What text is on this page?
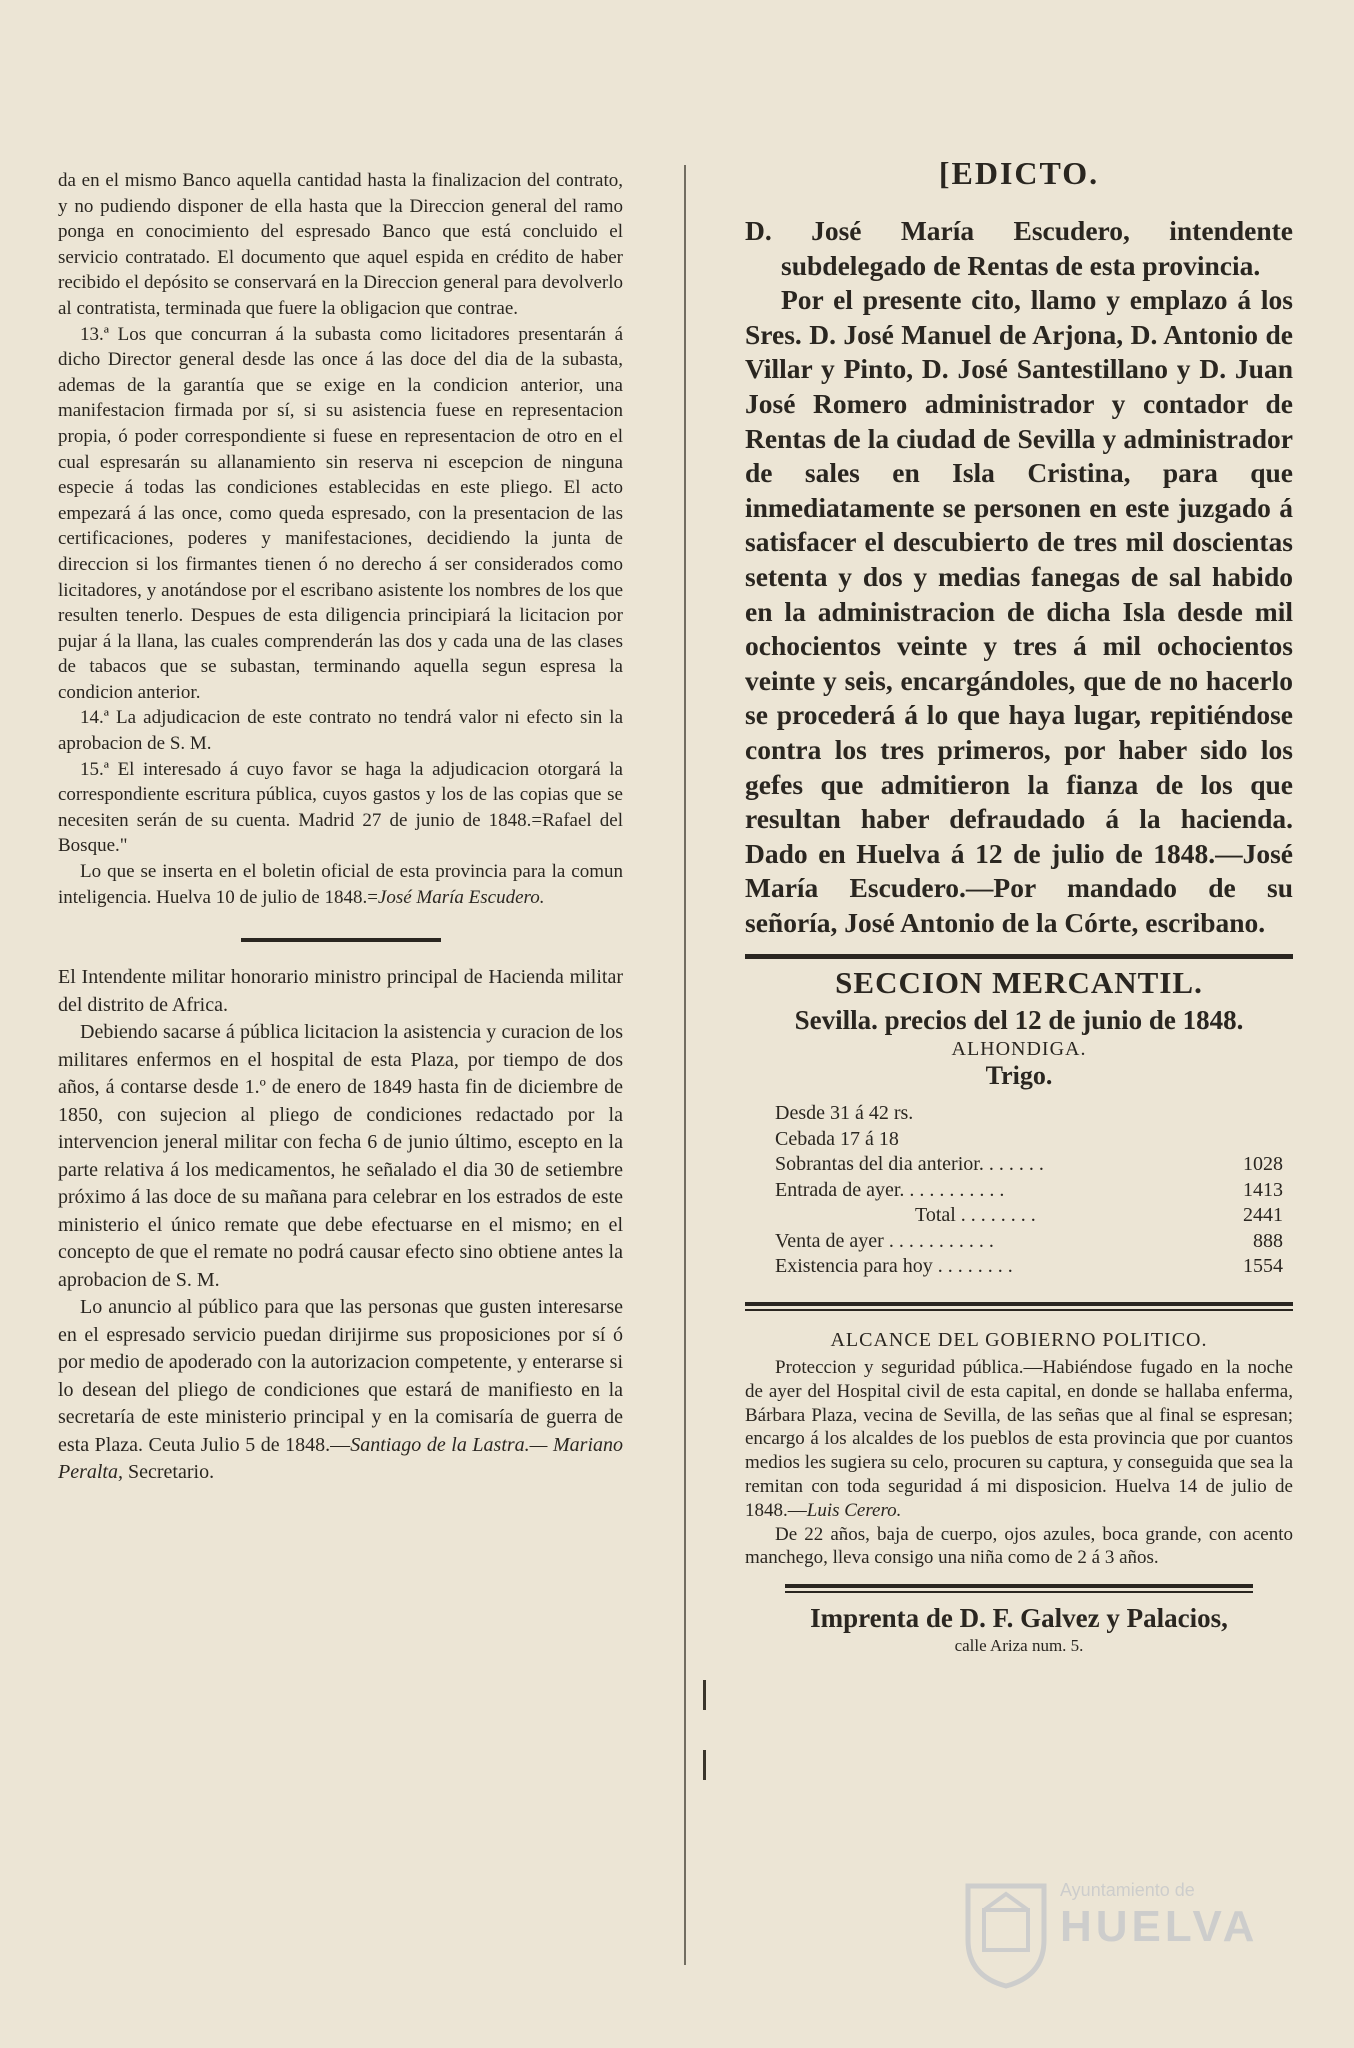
da en el mismo Banco aquella cantidad hasta la finalizacion del contrato, y no pudiendo disponer de ella hasta que la Direccion general del ramo ponga en conocimiento del espresado Banco que está concluido el servicio contratado. El documento que aquel espida en crédito de haber recibido el depósito se conservará en la Direccion general para devolverlo al contratista, terminada que fuere la obligacion que contrae.

13.ª Los que concurran á la subasta como licitadores presentarán á dicho Director general desde las once á las doce del dia de la subasta, ademas de la garantía que se exige en la condicion anterior, una manifestacion firmada por sí, si su asistencia fuese en representacion propia, ó poder correspondiente si fuese en representacion de otro en el cual espresarán su allanamiento sin reserva ni escepcion de ninguna especie á todas las condiciones establecidas en este pliego. El acto empezará á las once, como queda espresado, con la presentacion de las certificaciones, poderes y manifestaciones, decidiendo la junta de direccion si los firmantes tienen ó no derecho á ser considerados como licitadores, y anotándose por el escribano asistente los nombres de los que resulten tenerlo. Despues de esta diligencia principiará la licitacion por pujar á la llana, las cuales comprenderán las dos y cada una de las clases de tabacos que se subastan, terminando aquella segun espresa la condicion anterior.

14.ª La adjudicacion de este contrato no tendrá valor ni efecto sin la aprobacion de S. M.

15.ª El interesado á cuyo favor se haga la adjudicacion otorgará la correspondiente escritura pública, cuyos gastos y los de las copias que se necesiten serán de su cuenta. Madrid 27 de junio de 1848.=Rafael del Bosque."

Lo que se inserta en el boletin oficial de esta provincia para la comun inteligencia. Huelva 10 de julio de 1848.=José María Escudero.

El Intendente militar honorario ministro principal de Hacienda militar del distrito de Africa.

Debiendo sacarse á pública licitacion la asistencia y curacion de los militares enfermos en el hospital de esta Plaza, por tiempo de dos años, á contarse desde 1.º de enero de 1849 hasta fin de diciembre de 1850, con sujecion al pliego de condiciones redactado por la intervencion jeneral militar con fecha 6 de junio último, escepto en la parte relativa á los medicamentos, he señalado el dia 30 de setiembre próximo á las doce de su mañana para celebrar en los estrados de este ministerio el único remate que debe efectuarse en el mismo; en el concepto de que el remate no podrá causar efecto sino obtiene antes la aprobacion de S. M.

Lo anuncio al público para que las personas que gusten interesarse en el espresado servicio puedan dirijirme sus proposiciones por sí ó por medio de apoderado con la autorizacion competente, y enterarse si lo desean del pliego de condiciones que estará de manifiesto en la secretaría de este ministerio principal y en la comisaría de guerra de esta Plaza. Ceuta Julio 5 de 1848.—Santiago de la Lastra.— Mariano Peralta, Secretario.

[EDICTO.

D. José María Escudero, intendente subdelegado de Rentas de esta provincia.

Por el presente cito, llamo y emplazo á los Sres. D. José Manuel de Arjona, D. Antonio de Villar y Pinto, D. José Santestillano y D. Juan José Romero administrador y contador de Rentas de la ciudad de Sevilla y administrador de sales en Isla Cristina, para que inmediatamente se personen en este juzgado á satisfacer el descubierto de tres mil doscientas setenta y dos y medias fanegas de sal habido en la administracion de dicha Isla desde mil ochocientos veinte y tres á mil ochocientos veinte y seis, encargándoles, que de no hacerlo se procederá á lo que haya lugar, repitiéndose contra los tres primeros, por haber sido los gefes que admitieron la fianza de los que resultan haber defraudado á la hacienda. Dado en Huelva á 12 de julio de 1848.—José María Escudero.—Por mandado de su señoría, José Antonio de la Córte, escribano.

SECCION MERCANTIL.

Sevilla. precios del 12 de junio de 1848.

ALHONDIGA.

Trigo.

Desde 31 á 42 rs.
Cebada 17 á 18
Sobrantas del dia anterior. . . . . . .	1028
Entrada de ayer. . . . . . . . . . .	1413
Total . . . . . . . .	2441
Venta de ayer . . . . . . . . . . .	888
Existencia para hoy . . . . . . . .	1554

ALCANCE DEL GOBIERNO POLITICO.

Proteccion y seguridad pública.—Habiéndose fugado en la noche de ayer del Hospital civil de esta capital, en donde se hallaba enferma, Bárbara Plaza, vecina de Sevilla, de las señas que al final se espresan; encargo á los alcaldes de los pueblos de esta provincia que por cuantos medios les sugiera su celo, procuren su captura, y conseguida que sea la remitan con toda seguridad á mi disposicion. Huelva 14 de julio de 1848.—Luis Cerero.

De 22 años, baja de cuerpo, ojos azules, boca grande, con acento manchego, lleva consigo una niña como de 2 á 3 años.

Imprenta de D. F. Galvez y Palacios,

calle Ariza num. 5.

Ayuntamiento de
HUELVA
